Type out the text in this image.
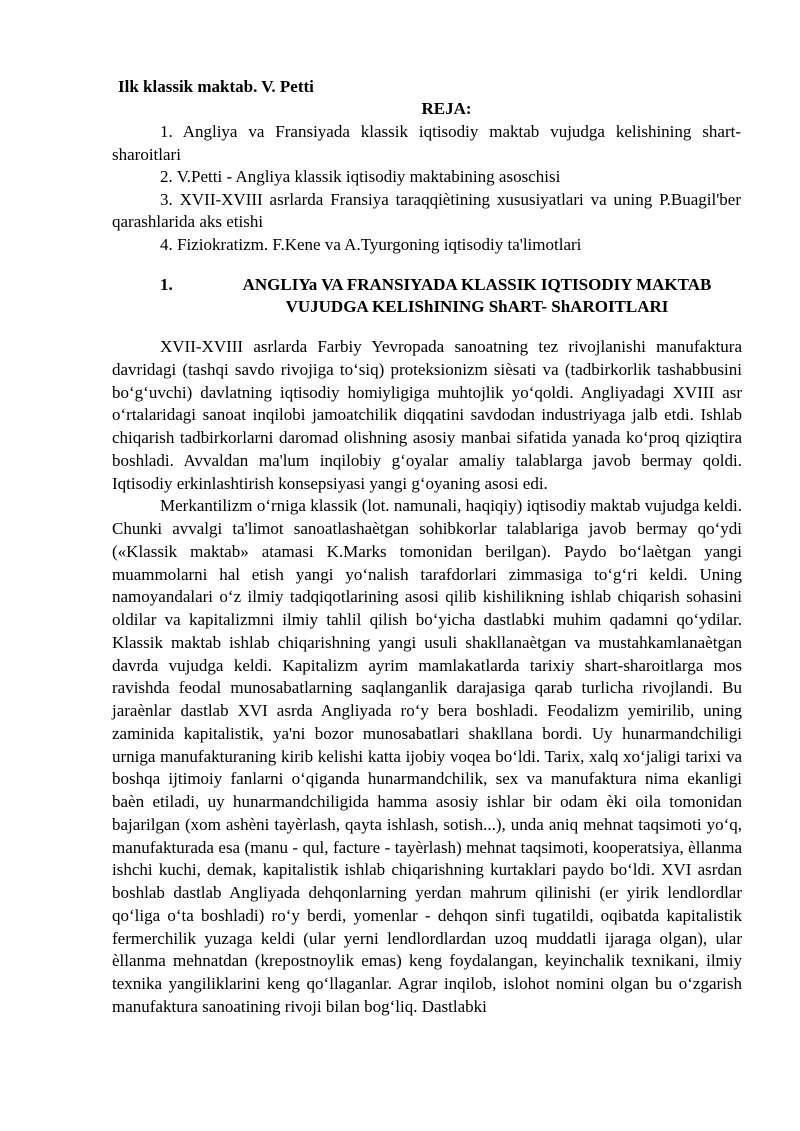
Ilk klassik maktab. V. Petti
REJA:
1. Angliya va Fransiyada klassik iqtisodiy maktab vujudga kelishining shart-sharoitlari
2. V.Petti - Angliya klassik iqtisodiy maktabining asoschisi
3. XVII-XVIII asrlarda Fransiya taraqqiètining xususiyatlari va uning P.Buagil'ber qarashlarida aks etishi
4. Fiziokratizm. F.Kene va A.Tyurgoning iqtisodiy ta'limotlari
1.	ANGLIYa VA FRANSIYADA KLASSIK IQTISODIY MAKTAB VUJUDGA KELIShINING ShART- ShAROITLARI

XVII-XVIII asrlarda Farbiy Yevropada sanoatning tez rivojlanishi manufaktura davridagi (tashqi savdo rivojiga to‘siq) proteksionizm sièsati va (tadbirkorlik tashabbusini bo‘g‘uvchi) davlatning iqtisodiy homiyligiga muhtojlik yo‘qoldi. Angliyadagi XVIII asr o‘rtalaridagi sanoat inqilobi jamoatchilik diqqatini savdodan industriyaga jalb etdi. Ishlab chiqarish tadbirkorlarni daromad olishning asosiy manbai sifatida yanada ko‘proq qiziqtira boshladi. Avvaldan ma'lum inqilobiy g‘oyalar amaliy talablarga javob bermay qoldi. Iqtisodiy erkinlashtirish konsepsiyasi yangi g‘oyaning asosi edi.

Merkantilizm o‘rniga klassik (lot. namunali, haqiqiy) iqtisodiy maktab vujudga keldi. Chunki avvalgi ta'limot sanoatlashaètgan sohibkorlar talablariga javob bermay qo‘ydi («Klassik maktab» atamasi K.Marks tomonidan berilgan). Paydo bo‘laètgan yangi muammolarni hal etish yangi yo‘nalish tarafdorlari zimmasiga to‘g‘ri keldi. Uning namoyandalari o‘z ilmiy tadqiqotlarining asosi qilib kishilikning ishlab chiqarish sohasini oldilar va kapitalizmni ilmiy tahlil qilish bo‘yicha dastlabki muhim qadamni qo‘ydilar. Klassik maktab ishlab chiqarishning yangi usuli shakllanaètgan va mustahkamlanaètgan davrda vujudga keldi. Kapitalizm ayrim mamlakatlarda tarixiy shart-sharoitlarga mos ravishda feodal munosabatlarning saqlanganlik darajasiga qarab turlicha rivojlandi. Bu jaraènlar dastlab XVI asrda Angliyada ro‘y bera boshladi. Feodalizm yemirilib, uning zaminida kapitalistik, ya'ni bozor munosabatlari shakllana bordi. Uy hunarmandchiligi urniga manufakturaning kirib kelishi katta ijobiy voqea bo‘ldi. Tarix, xalq xo‘jaligi tarixi va boshqa ijtimoiy fanlarni o‘qiganda hunarmandchilik, sex va manufaktura nima ekanligi baèn etiladi, uy hunarmandchiligida hamma asosiy ishlar bir odam èki oila tomonidan bajarilgan (xom ashèni tayèrlash, qayta ishlash, sotish...), unda aniq mehnat taqsimoti yo‘q, manufakturada esa (manu - qul, facture - tayèrlash) mehnat taqsimoti, kooperatsiya, èllanma ishchi kuchi, demak, kapitalistik ishlab chiqarishning kurtaklari paydo bo‘ldi. XVI asrdan boshlab dastlab Angliyada dehqonlarning yerdan mahrum qilinishi (er yirik lendlordlar qo‘liga o‘ta boshladi) ro‘y berdi, yomenlar - dehqon sinfi tugatildi, oqibatda kapitalistik fermerchilik yuzaga keldi (ular yerni lendlordlardan uzoq muddatli ijaraga olgan), ular èllanma mehnatdan (krepostnoylik emas) keng foydalangan, keyinchalik texnikani, ilmiy texnika yangiliklarini keng qo‘llaganlar. Agrar inqilob, islohot nomini olgan bu o‘zgarish manufaktura sanoatining rivoji bilan bog‘liq. Dastlabki
